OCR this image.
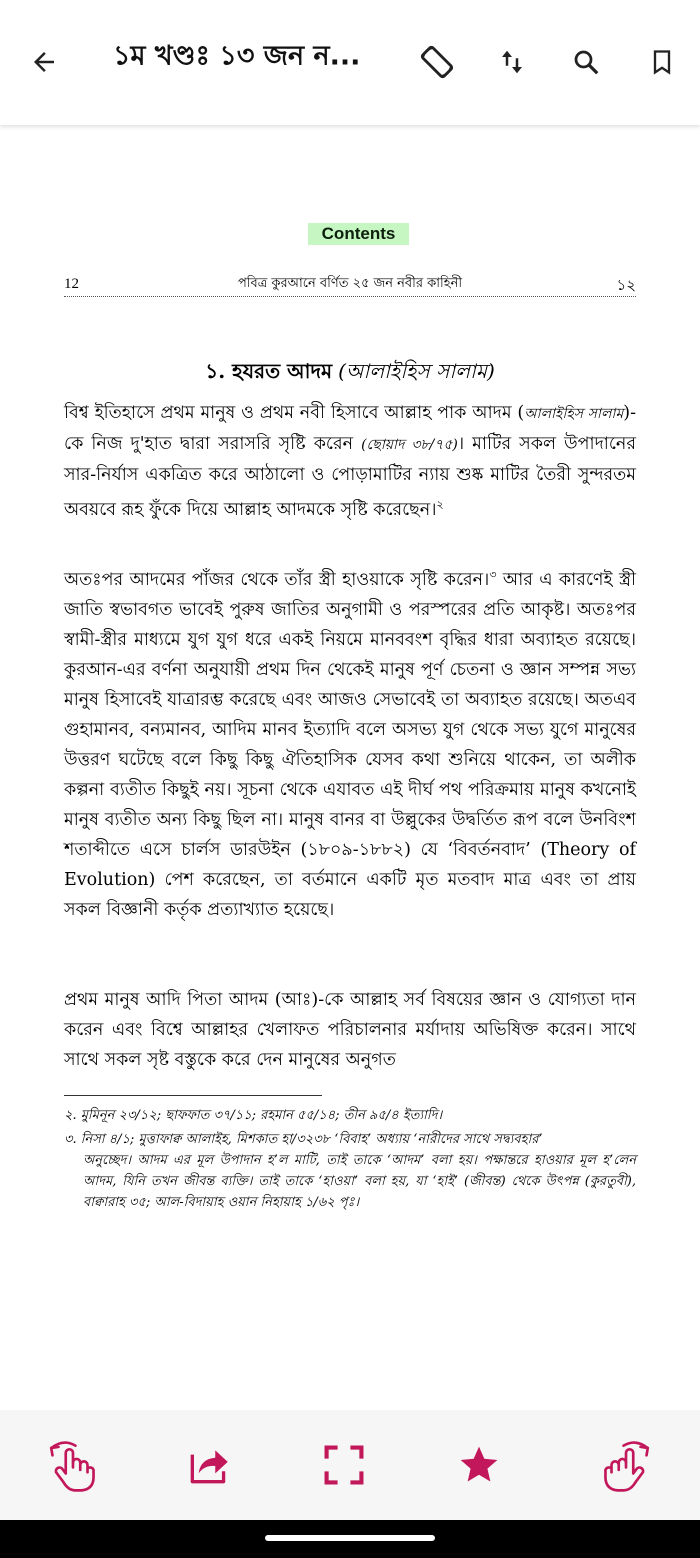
১ম খণ্ডঃ ১৩ জন ন...
Contents
12	পবিত্র কুরআনে বর্ণিত ২৫ জন নবীর কাহিনী	১২
১. হযরত আদম (আলাইহিস সালাম)
বিশ্ব ইতিহাসে প্রথম মানুষ ও প্রথম নবী হিসাবে আল্লাহ পাক আদম (আলাইহিস সালাম)-কে নিজ দু'হাত দ্বারা সরাসরি সৃষ্টি করেন (ছোয়াদ ৩৮/৭৫)। মাটির সকল উপাদানের সার-নির্যাস একত্রিত করে আঠালো ও পোড়ামাটির ন্যায় শুষ্ক মাটির তৈরী সুন্দরতম অবয়বে রূহ ফুঁকে দিয়ে আল্লাহ আদমকে সৃষ্টি করেছেন।$^২$
অতঃপর আদমের পাঁজর থেকে তাঁর স্ত্রী হাওয়াকে সৃষ্টি করেন।$^৩$ আর এ কারণেই স্ত্রী জাতি স্বভাবগত ভাবেই পুরুষ জাতির অনুগামী ও পরস্পরের প্রতি আকৃষ্ট। অতঃপর স্বামী-স্ত্রীর মাধ্যমে যুগ যুগ ধরে একই নিয়মে মানববংশ বৃদ্ধির ধারা অব্যাহত রয়েছে। কুরআন-এর বর্ণনা অনুযায়ী প্রথম দিন থেকেই মানুষ পূর্ণ চেতনা ও জ্ঞান সম্পন্ন সভ্য মানুষ হিসাবেই যাত্রারম্ভ করেছে এবং আজও সেভাবেই তা অব্যাহত রয়েছে। অতএব গুহামানব, বন্যমানব, আদিম মানব ইত্যাদি বলে অসভ্য যুগ থেকে সভ্য যুগে মানুষের উত্তরণ ঘটেছে বলে কিছু কিছু ঐতিহাসিক যেসব কথা শুনিয়ে থাকেন, তা অলীক কল্পনা ব্যতীত কিছুই নয়। সূচনা থেকে এযাবত এই দীর্ঘ পথ পরিক্রমায় মানুষ কখনোই মানুষ ব্যতীত অন্য কিছু ছিল না। মানুষ বানর বা উল্লুকের উদ্বর্তিত রূপ বলে উনবিংশ শতাব্দীতে এসে চার্লস ডারউইন (১৮০৯-১৮৮২) যে ‘বিবর্তনবাদ’ (Theory of Evolution) পেশ করেছেন, তা বর্তমানে একটি মৃত মতবাদ মাত্র এবং তা প্রায় সকল বিজ্ঞানী কর্তৃক প্রত্যাখ্যাত হয়েছে।
প্রথম মানুষ আদি পিতা আদম (আঃ)-কে আল্লাহ সর্ব বিষয়ের জ্ঞান ও যোগ্যতা দান করেন এবং বিশ্বে আল্লাহর খেলাফত পরিচালনার মর্যাদায় অভিষিক্ত করেন। সাথে সাথে সকল সৃষ্ট বস্তুকে করে দেন মানুষের অনুগত
২. মুমিনূন ২৩/১২; ছাফফাত ৩৭/১১; রহমান ৫৫/১৪; তীন ৯৫/৪ ইত্যাদি।
৩. নিসা ৪/১; মুত্তাফাক্ব আলাইহ, মিশকাত হা/৩২৩৮ ‘বিবাহ’ অধ্যায় ‘নারীদের সাথে সদ্ব্যবহার’
অনুচ্ছেদ। আদম এর মূল উপাদান হ’ল মাটি, তাই তাকে ‘আদম’ বলা হয়। পক্ষান্তরে হাওয়ার মূল হ’লেন আদম, যিনি তখন জীবন্ত ব্যক্তি। তাই তাকে ‘হাওয়া’ বলা হয়, যা ‘হাই’ (জীবন্ত) থেকে উৎপন্ন (কুরতুবী), বাক্বারাহ ৩৫; আল-বিদায়াহ ওয়ান নিহায়াহ ১/৬২ পৃঃ।
